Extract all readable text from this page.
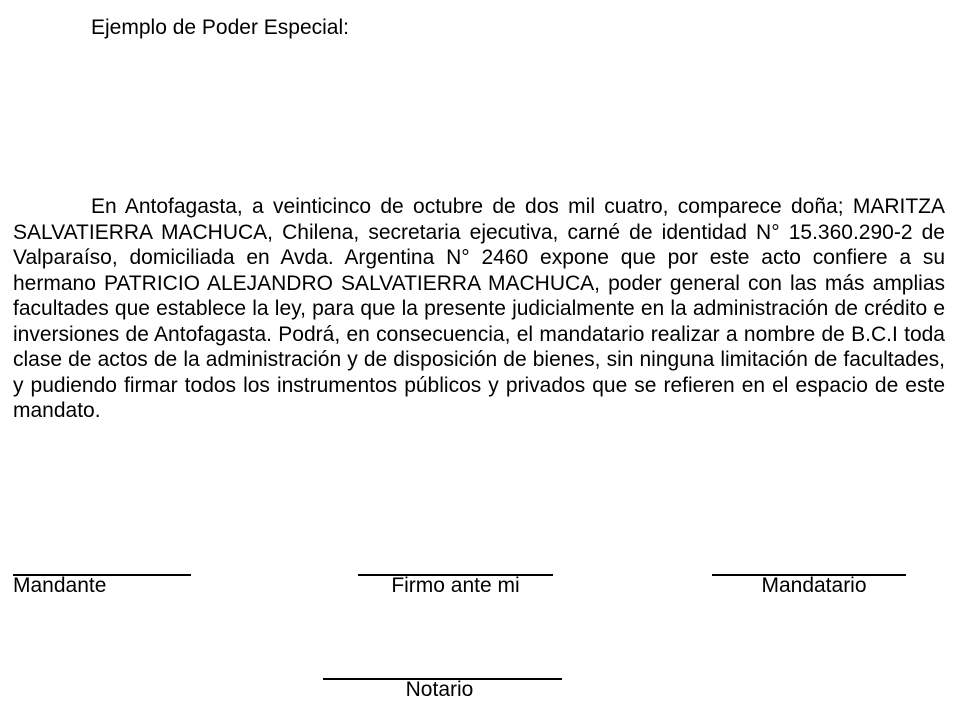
Ejemplo de Poder Especial:

En Antofagasta, a veinticinco de octubre de dos mil cuatro, comparece doña; MARITZA SALVATIERRA MACHUCA, Chilena, secretaria ejecutiva, carné de identidad N° 15.360.290-2 de Valparaíso, domiciliada en Avda. Argentina N° 2460 expone que por este acto confiere a su hermano PATRICIO ALEJANDRO SALVATIERRA MACHUCA, poder general con las más amplias facultades que establece la ley, para que la presente judicialmente en la administración de crédito e inversiones de Antofagasta. Podrá, en consecuencia, el mandatario realizar a nombre de B.C.I toda clase de actos de la administración y de disposición de bienes, sin ninguna limitación de facultades, y pudiendo firmar todos los instrumentos públicos y privados que se refieren en el espacio de este mandato.

Mandante	Firmo ante mi	Mandatario
Notario
